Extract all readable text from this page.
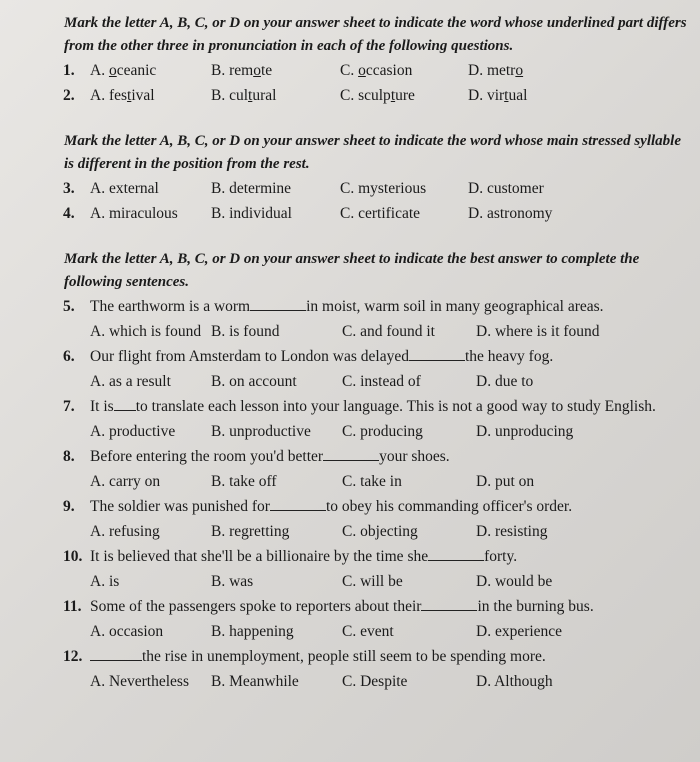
Mark the letter A, B, C, or D on your answer sheet to indicate the word whose underlined part differs from the other three in pronunciation in each of the following questions.

1. A. oceanic	B. remote	C. occasion	D. metro
2. A. festival	B. cultural	C. sculpture	D. virtual

Mark the letter A, B, C, or D on your answer sheet to indicate the word whose main stressed syllable is different in the position from the rest.

3. A. external	B. determine	C. mysterious	D. customer
4. A. miraculous B. individual	C. certificate	D. astronomy

Mark the letter A, B, C, or D on your answer sheet to indicate the best answer to complete the following sentences.

5. The earthworm is a worm	in moist, warm soil in many geographical areas.
A. which is found B. is found	C. and found it	D. where is it found
6. Our flight from Amsterdam to London was delayed	the heavy fog.
A. as a result	B. on account	C. instead of	D. due to
7. It is to translate each lesson into your language. This is not a good way to study English.
A. productive B. unproductive C. producing	D. unproducing
8. Before entering the room you'd better	your shoes.
A. carry on	B. take off	C. take in	D. put on
9. The soldier was punished for	to obey his commanding officer's order.
A. refusing	B. regretting	C. objecting	D. resisting
10. It is believed that she'll be a billionaire by the time she	forty.
A. is	B. was	C. will be	D. would be
11. Some of the passengers spoke to reporters about their	in the burning bus.
A. occasion	B. happening	C. event	D. experience
12.	the rise in unemployment, people still seem to be spending more.
A. Nevertheless B. Meanwhile	C. Despite	D. Although
